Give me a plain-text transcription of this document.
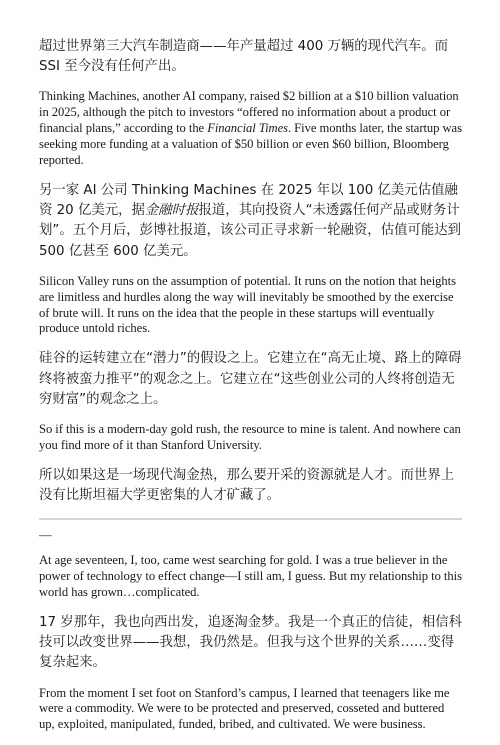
超过世界第三大汽车制造商——年产量超过 400 万辆的现代汽车。而 SSI 至今没有任何产出。

Thinking Machines, another AI company, raised $2 billion at a $10 billion valuation in 2025, although the pitch to investors “offered no information about a product or financial plans,” according to the Financial Times. Five months later, the startup was seeking more funding at a valuation of $50 billion or even $60 billion, Bloomberg reported.

另一家 AI 公司 Thinking Machines 在 2025 年以 100 亿美元估值融资 20 亿美元，据金融时报报道，其向投资人“未透露任何产品或财务计划”。五个月后，彭博社报道，该公司正寻求新一轮融资，估值可能达到 500 亿甚至 600 亿美元。

Silicon Valley runs on the assumption of potential. It runs on the notion that heights are limitless and hurdles along the way will inevitably be smoothed by the exercise of brute will. It runs on the idea that the people in these startups will eventually produce untold riches.

硅谷的运转建立在“潜力”的假设之上。它建立在“高无止境、路上的障碍终将被蛮力推平”的观念之上。它建立在“这些创业公司的人终将创造无穷财富”的观念之上。

So if this is a modern-day gold rush, the resource to mine is talent. And nowhere can you find more of it than Stanford University.

所以如果这是一场现代淘金热，那么要开采的资源就是人才。而世界上没有比斯坦福大学更密集的人才矿藏了。

—

At age seventeen, I, too, came west searching for gold. I was a true believer in the power of technology to effect change—I still am, I guess. But my relationship to this world has grown…complicated.

17 岁那年，我也向西出发，追逐淘金梦。我是一个真正的信徒，相信科技可以改变世界——我想，我仍然是。但我与这个世界的关系……变得复杂起来。

From the moment I set foot on Stanford’s campus, I learned that teenagers like me were a commodity. We were to be protected and preserved, cosseted and buttered up, exploited, manipulated, funded, bribed, and cultivated. We were business.
